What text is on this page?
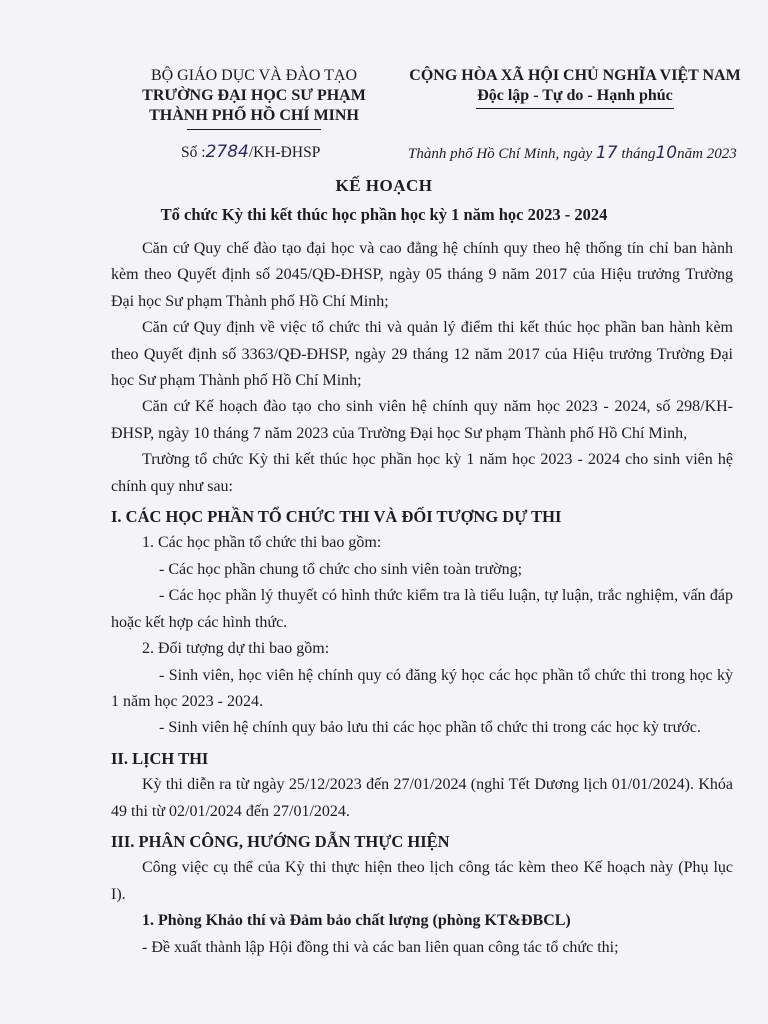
BỘ GIÁO DỤC VÀ ĐÀO TẠO
TRƯỜNG ĐẠI HỌC SƯ PHẠM
THÀNH PHỐ HỒ CHÍ MINH
CỘNG HÒA XÃ HỘI CHỦ NGHĨA VIỆT NAM
Độc lập - Tự do - Hạnh phúc
Số :2784/KH-ĐHSP	Thành phố Hồ Chí Minh, ngày 17 tháng10năm 2023
KẾ HOẠCH
Tổ chức Kỳ thi kết thúc học phần học kỳ 1 năm học 2023 - 2024

Căn cứ Quy chế đào tạo đại học và cao đẳng hệ chính quy theo hệ thống tín chỉ ban hành kèm theo Quyết định số 2045/QĐ-ĐHSP, ngày 05 tháng 9 năm 2017 của Hiệu trưởng Trường Đại học Sư phạm Thành phố Hồ Chí Minh;

Căn cứ Quy định về việc tổ chức thi và quản lý điểm thi kết thúc học phần ban hành kèm theo Quyết định số 3363/QĐ-ĐHSP, ngày 29 tháng 12 năm 2017 của Hiệu trưởng Trường Đại học Sư phạm Thành phố Hồ Chí Minh;

Căn cứ Kế hoạch đào tạo cho sinh viên hệ chính quy năm học 2023 - 2024, số 298/KH-ĐHSP, ngày 10 tháng 7 năm 2023 của Trường Đại học Sư phạm Thành phố Hồ Chí Minh,

Trường tổ chức Kỳ thi kết thúc học phần học kỳ 1 năm học 2023 - 2024 cho sinh viên hệ chính quy như sau:

I. CÁC HỌC PHẦN TỔ CHỨC THI VÀ ĐỐI TƯỢNG DỰ THI

1. Các học phần tổ chức thi bao gồm:

- Các học phần chung tổ chức cho sinh viên toàn trường;

- Các học phần lý thuyết có hình thức kiểm tra là tiểu luận, tự luận, trắc nghiệm, vấn đáp hoặc kết hợp các hình thức.

2. Đối tượng dự thi bao gồm:

- Sinh viên, học viên hệ chính quy có đăng ký học các học phần tổ chức thi trong học kỳ 1 năm học 2023 - 2024.

- Sinh viên hệ chính quy bảo lưu thi các học phần tổ chức thi trong các học kỳ trước.

II. LỊCH THI

Kỳ thi diễn ra từ ngày 25/12/2023 đến 27/01/2024 (nghỉ Tết Dương lịch 01/01/2024). Khóa 49 thi từ 02/01/2024 đến 27/01/2024.

III. PHÂN CÔNG, HƯỚNG DẪN THỰC HIỆN

Công việc cụ thể của Kỳ thi thực hiện theo lịch công tác kèm theo Kế hoạch này (Phụ lục I).

1. Phòng Khảo thí và Đảm bảo chất lượng (phòng KT&ĐBCL)

- Đề xuất thành lập Hội đồng thi và các ban liên quan công tác tổ chức thi;
